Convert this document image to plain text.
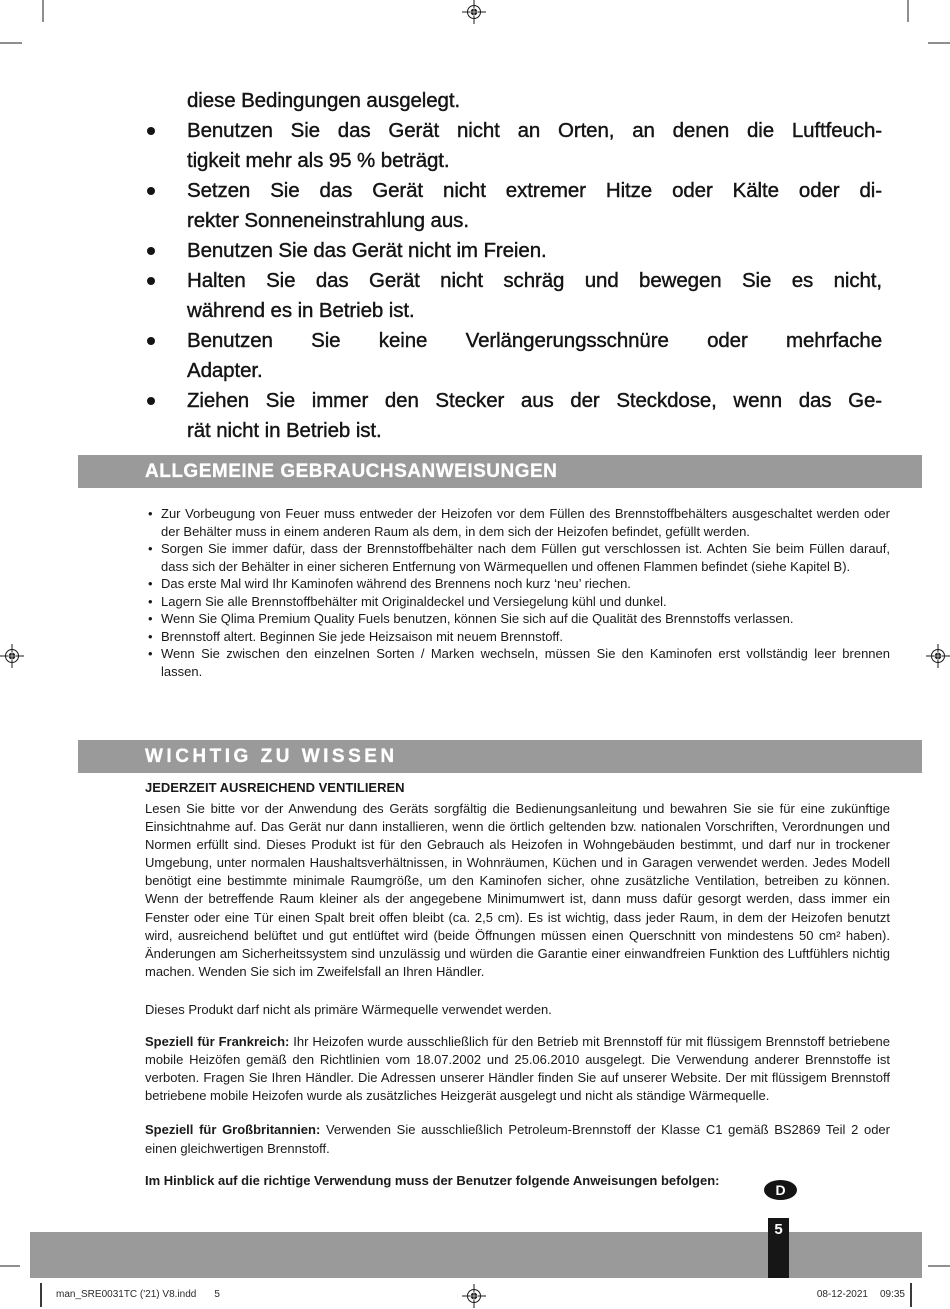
diese Bedingungen ausgelegt.
Benutzen Sie das Gerät nicht an Orten, an denen die Luftfeuch-
tigkeit mehr als 95 % beträgt.
Setzen Sie das Gerät nicht extremer Hitze oder Kälte oder di-
rekter Sonneneinstrahlung aus.
Benutzen Sie das Gerät nicht im Freien.
Halten Sie das Gerät nicht schräg und bewegen Sie es nicht,
während es in Betrieb ist.
Benutzen Sie keine Verlängerungsschnüre oder mehrfache
Adapter.
Ziehen Sie immer den Stecker aus der Steckdose, wenn das Ge-
rät nicht in Betrieb ist.
ALLGEMEINE GEBRAUCHSANWEISUNGEN
• Zur Vorbeugung von Feuer muss entweder der Heizofen vor dem Füllen des Brennstoffbehälters ausgeschaltet werden oder der Behälter muss in einem anderen Raum als dem, in dem sich der Heizofen befindet, gefüllt werden.
• Sorgen Sie immer dafür, dass der Brennstoffbehälter nach dem Füllen gut verschlossen ist. Achten Sie beim Füllen darauf, dass sich der Behälter in einer sicheren Entfernung von Wärmequellen und offenen Flammen befindet (siehe Kapitel B).
• Das erste Mal wird Ihr Kaminofen während des Brennens noch kurz ‘neu’ riechen.
• Lagern Sie alle Brennstoffbehälter mit Originaldeckel und Versiegelung kühl und dunkel.
• Wenn Sie Qlima Premium Quality Fuels benutzen, können Sie sich auf die Qualität des Brennstoffs verlassen.
• Brennstoff altert. Beginnen Sie jede Heizsaison mit neuem Brennstoff.
• Wenn Sie zwischen den einzelnen Sorten / Marken wechseln, müssen Sie den Kaminofen erst vollständig leer brennen lassen.
WICHTIG ZU WISSEN
JEDERZEIT AUSREICHEND VENTILIEREN

Lesen Sie bitte vor der Anwendung des Geräts sorgfältig die Bedienungsanleitung und bewahren Sie sie für eine zukünftige Einsichtnahme auf. Das Gerät nur dann installieren, wenn die örtlich geltenden bzw. nationalen Vorschriften, Verordnungen und Normen erfüllt sind. Dieses Produkt ist für den Gebrauch als Heizofen in Wohngebäuden bestimmt, und darf nur in trockener Umgebung, unter normalen Haushaltsverhältnissen, in Wohnräumen, Küchen und in Garagen verwendet werden. Jedes Modell benötigt eine bestimmte minimale Raumgröße, um den Kaminofen sicher, ohne zusätzliche Ventilation, betreiben zu können. Wenn der betreffende Raum kleiner als der angegebene Minimumwert ist, dann muss dafür gesorgt werden, dass immer ein Fenster oder eine Tür einen Spalt breit offen bleibt (ca. 2,5 cm). Es ist wichtig, dass jeder Raum, in dem der Heizofen benutzt wird, ausreichend belüftet und gut entlüftet wird (beide Öffnungen müssen einen Querschnitt von mindestens 50 cm² haben). Änderungen am Sicherheitssystem sind unzulässig und würden die Garantie einer einwandfreien Funktion des Luftfühlers nichtig machen. Wenden Sie sich im Zweifelsfall an Ihren Händler.

Dieses Produkt darf nicht als primäre Wärmequelle verwendet werden.

Speziell für Frankreich: Ihr Heizofen wurde ausschließlich für den Betrieb mit Brennstoff für mit flüssigem Brennstoff betriebene mobile Heizöfen gemäß den Richtlinien vom 18.07.2002 und 25.06.2010 ausgelegt. Die Verwendung anderer Brennstoffe ist verboten. Fragen Sie Ihren Händler. Die Adressen unserer Händler finden Sie auf unserer Website. Der mit flüssigem Brennstoff betriebene mobile Heizofen wurde als zusätzliches Heizgerät ausgelegt und nicht als ständige Wärmequelle.

Speziell für Großbritannien: Verwenden Sie ausschließlich Petroleum-Brennstoff der Klasse C1 gemäß BS2869 Teil 2 oder einen gleichwertigen Brennstoff.

Im Hinblick auf die richtige Verwendung muss der Benutzer folgende Anweisungen befolgen:

D
5
man_SRE0031TC ('21) V8.indd 5	08-12-2021 09:35
